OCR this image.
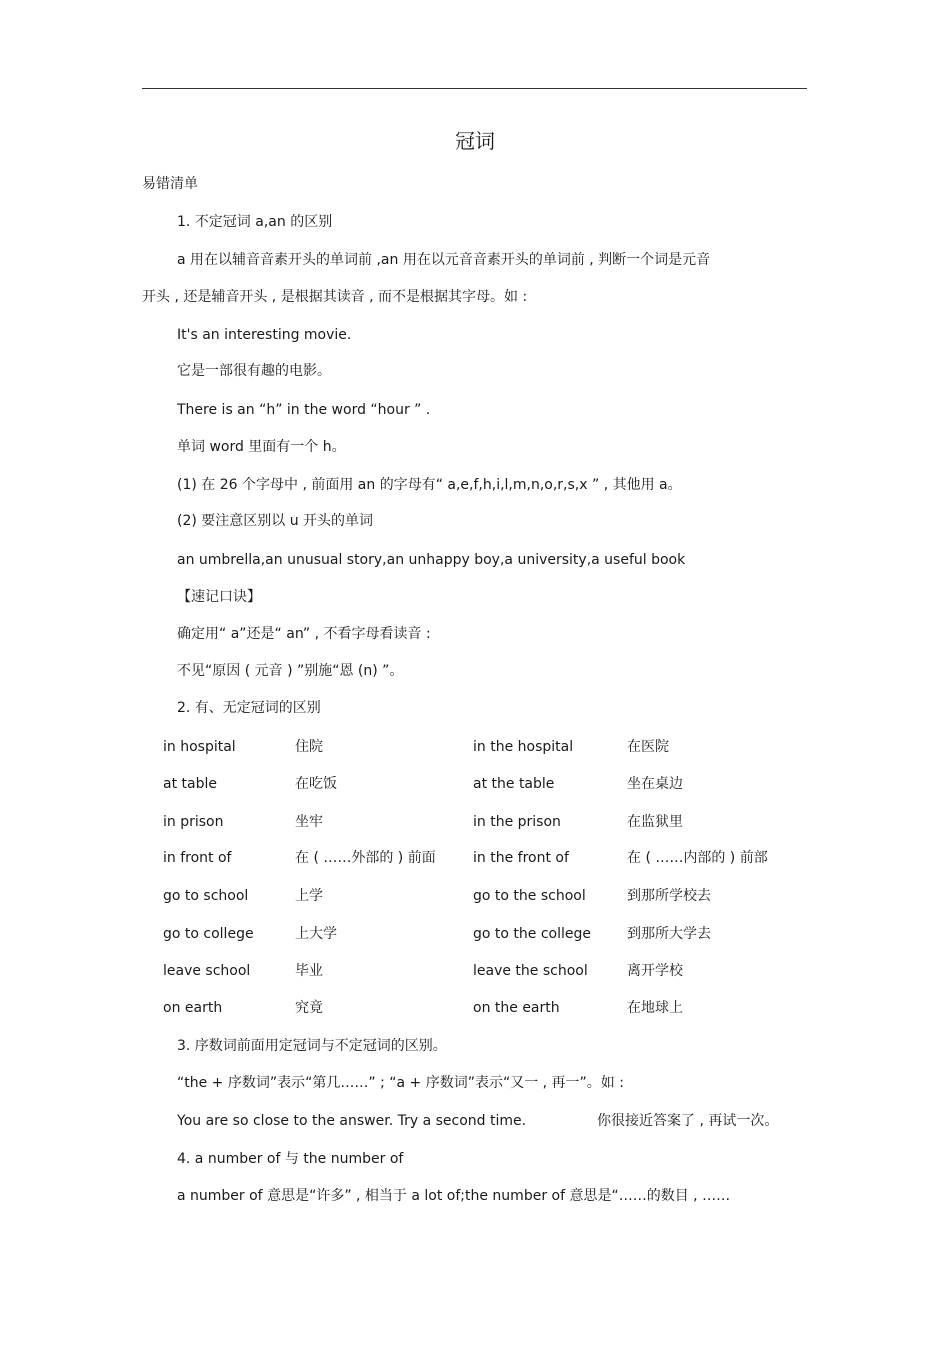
冠词
易错清单
1. 不定冠词 a,an 的区别
a 用在以辅音音素开头的单词前 ,an 用在以元音音素开头的单词前 , 判断一个词是元音
开头 , 还是辅音开头 , 是根据其读音 , 而不是根据其字母。如 :
It's an interesting movie.
它是一部很有趣的电影。
There is an “h” in the word “hour ” .
单词 word 里面有一个 h。
(1) 在 26 个字母中 , 前面用 an 的字母有“ a,e,f,h,i,l,m,n,o,r,s,x ” , 其他用 a。
(2) 要注意区别以 u 开头的单词
an umbrella,an unusual story,an unhappy boy,a university,a useful book
【速记口诀】
确定用“ a”还是“ an” , 不看字母看读音 :
不见“原因 ( 元音 ) ”别施“恩 (n) ”。
2. 有、无定冠词的区别
in hospital	住院	in the hospital	在医院
at table	在吃饭	at the table	坐在桌边
in prison	坐牢	in the prison	在监狱里
in front of	在 ( ……外部的 ) 前面	in the front of	在 ( ……内部的 ) 前部
go to school	上学	go to the school	到那所学校去
go to college	上大学	go to the college	到那所大学去
leave school	毕业	leave the school	离开学校
on earth	究竟	on the earth	在地球上
3. 序数词前面用定冠词与不定冠词的区别。
“the + 序数词”表示“第几……” ; “a + 序数词”表示“又一 , 再一”。如 :
You are so close to the answer. Try a second time.	你很接近答案了 , 再试一次。
4. a number of 与 the number of
a number of 意思是“许多” , 相当于 a lot of;the number of 意思是“……的数目 , ……
